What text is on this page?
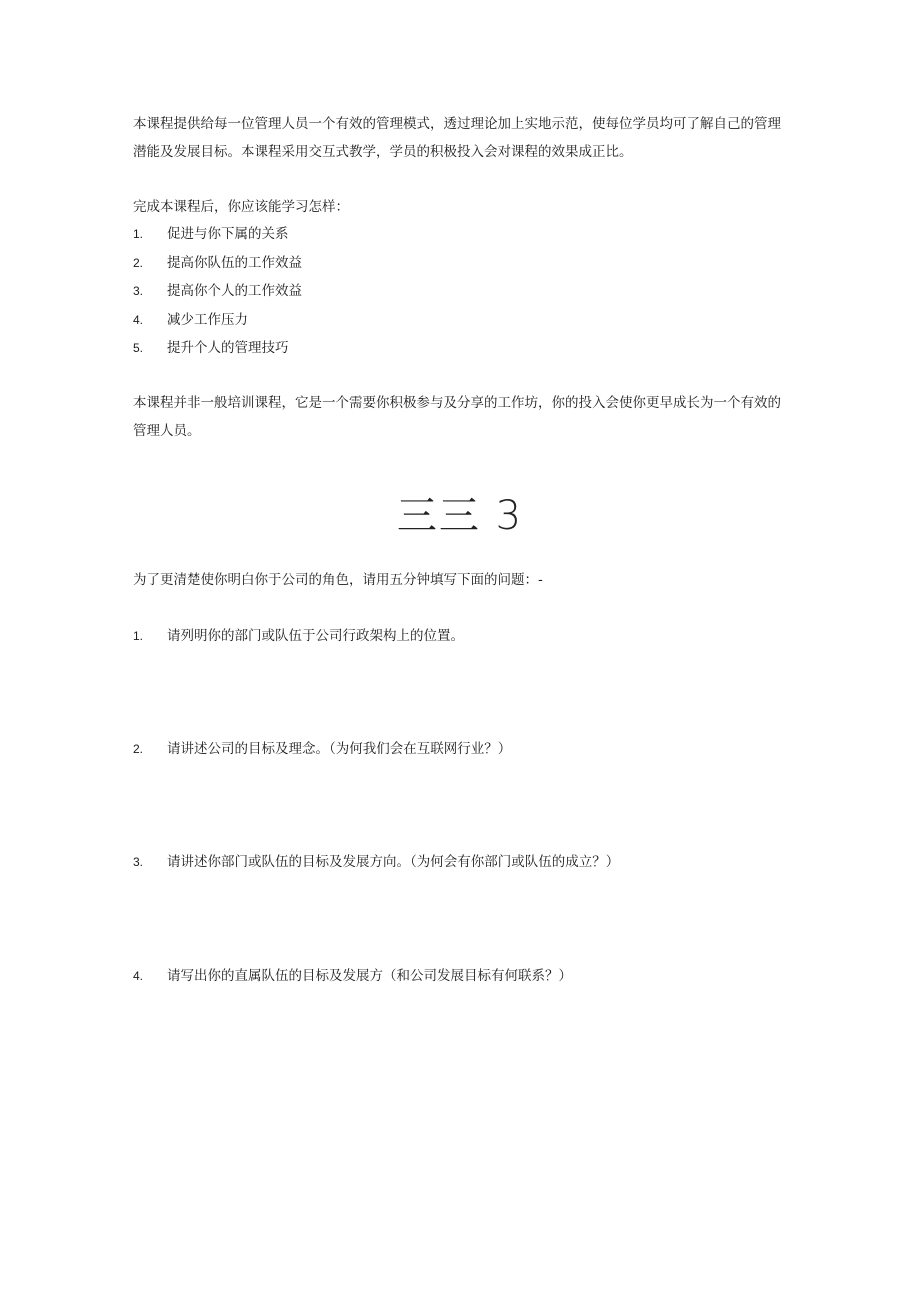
本课程提供给每一位管理人员一个有效的管理模式，透过理论加上实地示范，使每位学员均可了解自己的管理潜能及发展目标。本课程采用交互式教学，学员的积极投入会对课程的效果成正比。

完成本课程后，你应该能学习怎样：

1. 促进与你下属的关系
2. 提高你队伍的工作效益
3. 提高你个人的工作效益
4. 减少工作压力
5. 提升个人的管理技巧

本课程并非一般培训课程，它是一个需要你积极参与及分享的工作坊，你的投入会使你更早成长为一个有效的管理人员。

三三 3

为了更清楚使你明白你于公司的角色，请用五分钟填写下面的问题：-

1. 请列明你的部门或队伍于公司行政架构上的位置。
2. 请讲述公司的目标及理念。（为何我们会在互联网行业？）
3. 请讲述你部门或队伍的目标及发展方向。（为何会有你部门或队伍的成立？）
4. 请写出你的直属队伍的目标及发展方（和公司发展目标有何联系？）
